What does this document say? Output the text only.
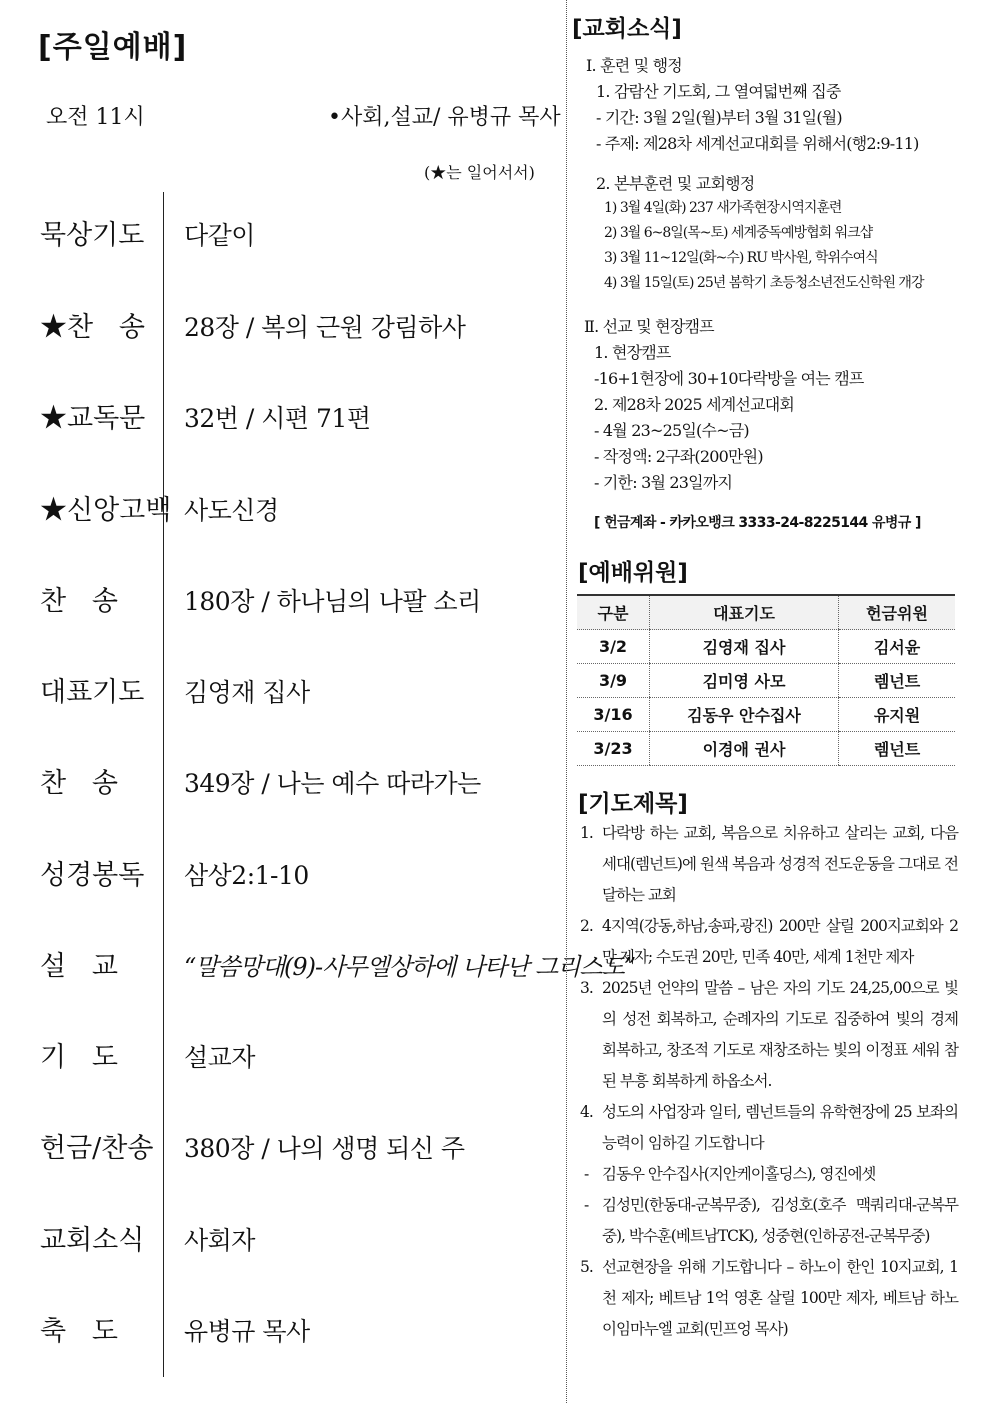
[주일예배]
오전 11시	•사회,설교/ 유병규 목사
(★는 일어서서)
묵상기도 다같이
★찬   송 28장 / 복의 근원 강림하사
★교독문 32번 / 시편 71편
★신앙고백 사도신경
찬   송	180장 / 하나님의 나팔 소리
대표기도 김영재 집사
찬   송	349장 / 나는 예수 따라가는
성경봉독 삼상2:1-10
설   교	“말씀망대(9)-사무엘상하에 나타난 그리스도”
기   도	설교자
헌금/찬송 380장 / 나의 생명 되신 주
교회소식 사회자
축   도	유병규 목사
[교회소식]
Ⅰ. 훈련 및 행정
1. 감람산 기도회, 그 열여덟번째 집중
- 기간: 3월 2일(월)부터 3월 31일(월)
- 주제: 제28차 세계선교대회를 위해서(행2:9-11)
2. 본부훈련 및 교회행정
1) 3월 4일(화) 237 새가족현장시역지훈련
2) 3월 6~8일(목~토) 세계중독예방협회 워크샵
3) 3월 11~12일(화~수) RU 박사원, 학위수여식
4) 3월 15일(토) 25년 봄학기 초등청소년전도신학원 개강
Ⅱ. 선교 및 현장캠프
1. 현장캠프
-16+1현장에 30+10다락방을 여는 캠프
2. 제28차 2025 세계선교대회
- 4월 23~25일(수~금)
- 작정액: 2구좌(200만원)
- 기한: 3월 23일까지
[ 헌금계좌 - 카카오뱅크 3333-24-8225144 유병규 ]
[예배위원]
구분	대표기도	헌금위원
3/2	김영재 집사	김서윤
3/9	김미영 사모	렘넌트
3/16	김동우 안수집사	유지원
3/23	이경애 권사	렘넌트
[기도제목]
1. 다락방 하는 교회, 복음으로 치유하고 살리는 교회, 다음 세대(렘넌트)에 원색 복음과 성경적 전도운동을 그대로 전달하는 교회
2. 4지역(강동,하남,송파,광진) 200만 살릴 200지교회와 2만 제자; 수도권 20만, 민족 40만, 세계 1천만 제자
3. 2025년 언약의 말씀 – 남은 자의 기도 24,25,00으로 빛의 성전 회복하고, 순례자의 기도로 집중하여 빛의 경제 회복하고, 창조적 기도로 재창조하는 빛의 이정표 세워 참된 부흥 회복하게 하옵소서.
4. 성도의 사업장과 일터, 렘넌트들의 유학현장에 25 보좌의 능력이 임하길 기도합니다
- 김동우 안수집사(지안케이홀딩스), 영진에셋
- 김성민(한동대-군복무중), 김성호(호주 맥쿼리대-군복무중), 박수훈(베트남TCK), 성중현(인하공전-군복무중)
5. 선교현장을 위해 기도합니다 – 하노이 한인 10지교회, 1천 제자; 베트남 1억 영혼 살릴 100만 제자, 베트남 하노이임마누엘 교회(민프엉 목사)
